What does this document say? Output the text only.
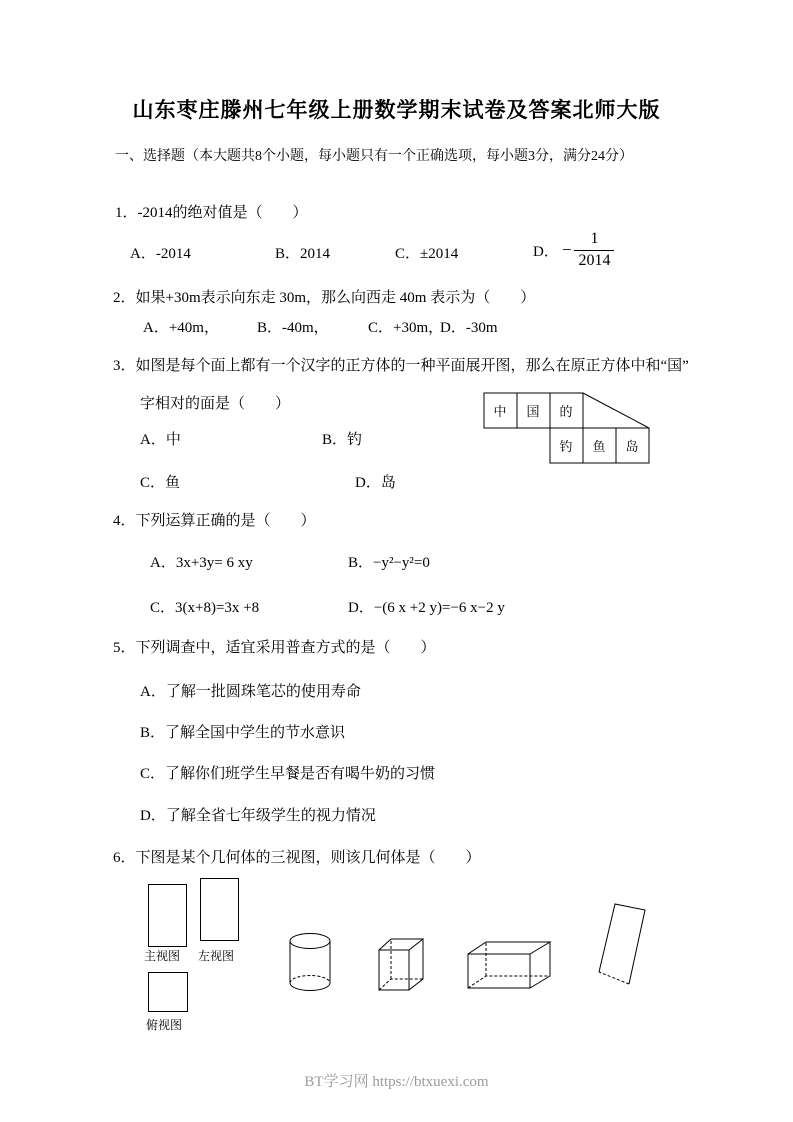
山东枣庄滕州七年级上册数学期末试卷及答案北师大版
一、选择题（本大题共8个小题，每小题只有一个正确选项，每小题3分，满分24分）
1．-2014的绝对值是（　　）
A．-2014	B．2014	C．±2014	D． − $\frac{1}{2014}$
2．如果+30m表示向东走 30m，那么向西走 40m 表示为（　　）
A．+40m，	B．-40m，	C．+30m，
D．-30m
3．如图是每个面上都有一个汉字的正方体的一种平面展开图，那么在原正方体中和“国”
字相对的面是（　　）
A．中	B．钓
C．鱼	D．岛
中 国 的
钓 鱼 岛
4．下列运算正确的是（　　）
A．3x+3y= 6 xy	B．−y²−y²=0
C．3(x+8)=3x +8	D．−(6 x +2 y)=−6 x−2 y
5．下列调查中，适宜采用普查方式的是（　　）
A．了解一批圆珠笔芯的使用寿命
B．了解全国中学生的节水意识
C．了解你们班学生早餐是否有喝牛奶的习惯
D．了解全省七年级学生的视力情况
6．下图是某个几何体的三视图，则该几何体是（　　）
主视图 左视图
俯视图
BT学习网 https://btxuexi.com
